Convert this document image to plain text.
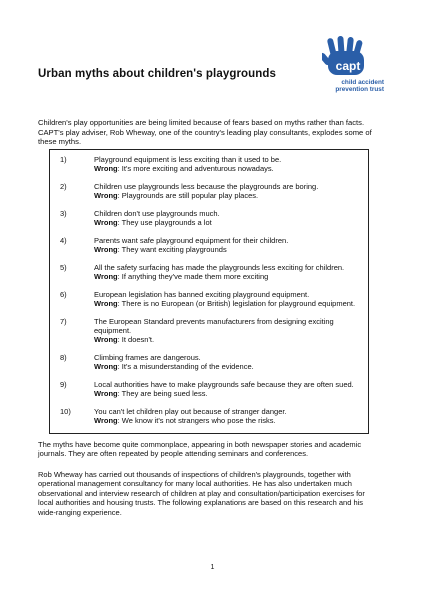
Urban myths about children's playgrounds
capt
child accident
prevention trust

Children's play opportunities are being limited because of fears based on myths rather than facts. CAPT's play adviser, Rob Wheway, one of the country's leading play consultants, explodes some of these myths.

1)	Playground equipment is less exciting than it used to be.
Wrong: It's more exciting and adventurous nowadays.
2)	Children use playgrounds less because the playgrounds are boring.
Wrong: Playgrounds are still popular play places.
3)	Children don't use playgrounds much.
Wrong: They use playgrounds a lot
4)	Parents want safe playground equipment for their children.
Wrong: They want exciting playgrounds
5)	All the safety surfacing has made the playgrounds less exciting for children.
Wrong: If anything they've made them more exciting
6)	European legislation has banned exciting playground equipment.
Wrong: There is no European (or British) legislation for playground equipment.
7)	The European Standard prevents manufacturers from designing exciting equipment.
Wrong: It doesn't.
8)	Climbing frames are dangerous.
Wrong: It's a misunderstanding of the evidence.
9)	Local authorities have to make playgrounds safe because they are often sued.
Wrong: They are being sued less.
10)	You can't let children play out because of stranger danger.
Wrong: We know it's not strangers who pose the risks.

The myths have become quite commonplace, appearing in both newspaper stories and academic journals. They are often repeated by people attending seminars and conferences.

Rob Wheway has carried out thousands of inspections of children's playgrounds, together with operational management consultancy for many local authorities. He has also undertaken much observational and interview research of children at play and consultation/participation exercises for local authorities and housing trusts. The following explanations are based on this research and his wide-ranging experience.

1
